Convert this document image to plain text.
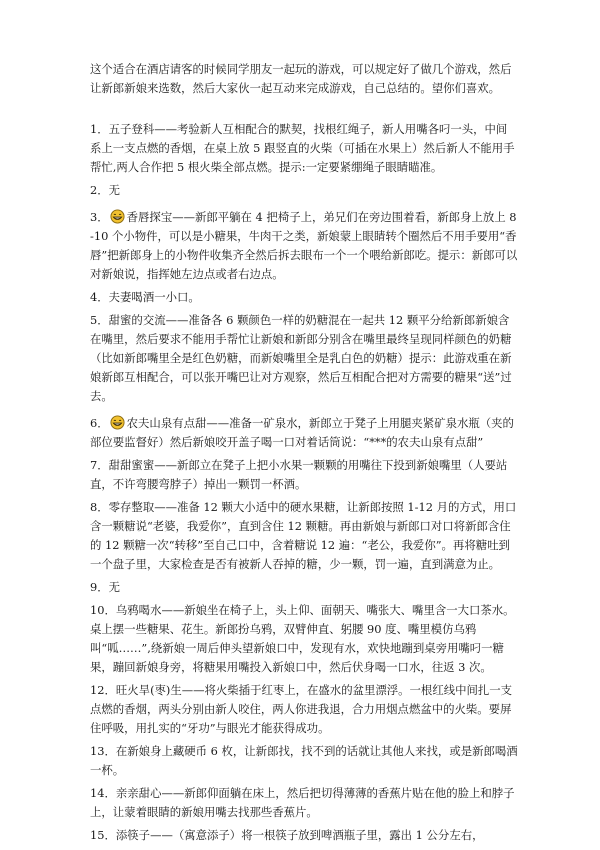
这个适合在酒店请客的时候同学朋友一起玩的游戏，可以规定好了做几个游戏，然后让新郎新娘来选数，然后大家伙一起互动来完成游戏，自己总结的。望你们喜欢。

1．五子登科——考验新人互相配合的默契，找根红绳子，新人用嘴各叼一头，中间系上一支点燃的香烟，在桌上放 5 跟竖直的火柴（可插在水果上）然后新人不能用手帮忙,两人合作把 5 根火柴全部点燃。提示:一定要紧绷绳子眼睛瞄准。

2．无

3． 香唇探宝——新郎平躺在 4 把椅子上，弟兄们在旁边围着看，新郎身上放上 8-10 个小物件，可以是小糖果，牛肉干之类，新娘蒙上眼睛转个圈然后不用手要用“香唇”把新郎身上的小物件收集齐全然后拆去眼布一个一个喂给新郎吃。提示：新郎可以对新娘说，指挥她左边点或者右边点。

4．夫妻喝酒一小口。

5．甜蜜的交流——准备各 6 颗颜色一样的奶糖混在一起共 12 颗平分给新郎新娘含在嘴里，然后要求不能用手帮忙让新娘和新郎分别含在嘴里最终呈现同样颜色的奶糖（比如新郎嘴里全是红色奶糖，而新娘嘴里全是乳白色的奶糖）提示：此游戏重在新娘新郎互相配合，可以张开嘴巴让对方观察，然后互相配合把对方需要的糖果“送”过去。

6． 农夫山泉有点甜——准备一矿泉水，新郎立于凳子上用腿夹紧矿泉水瓶（夹的部位要监督好）然后新娘咬开盖子喝一口对着话筒说：“***的农夫山泉有点甜”

7．甜甜蜜蜜——新郎立在凳子上把小水果一颗颗的用嘴往下投到新娘嘴里（人要站直，不许弯腰弯脖子）掉出一颗罚一杯酒。

8．零存整取——准备 12 颗大小适中的硬水果糖，让新郎按照 1-12 月的方式，用口含一颗糖说“老婆，我爱你”，直到含住 12 颗糖。再由新娘与新郎口对口将新郎含住的 12 颗糖一次“转移”至自己口中，含着糖说 12 遍：“老公，我爱你”。再将糖吐到一个盘子里，大家检查是否有被新人吞掉的糖，少一颗，罚一遍，直到满意为止。

9．无

10．乌鸦喝水——新娘坐在椅子上，头上仰、面朝天、嘴张大、嘴里含一大口茶水。桌上摆一些糖果、花生。新郎扮乌鸦，双臂伸直、躬腰 90 度、嘴里模仿乌鸦叫“呱……”,绕新娘一周后伸头望新娘口中，发现有水，欢快地蹦到桌旁用嘴叼一糖果，蹦回新娘身旁，将糖果用嘴投入新娘口中，然后伏身喝一口水，往返 3 次。

12．旺火旱(枣)生——将火柴插于红枣上，在盛水的盆里漂浮。一根红线中间扎一支点燃的香烟，两头分别由新人咬住，两人你进我退，合力用烟点燃盆中的火柴。要屏住呼吸，用扎实的“牙功”与眼光才能获得成功。

13．在新娘身上藏硬币 6 枚，让新郎找，找不到的话就让其他人来找，或是新郎喝酒一杯。

14．亲亲甜心——新郎仰面躺在床上，然后把切得薄薄的香蕉片贴在他的脸上和脖子上，让蒙着眼睛的新娘用嘴去找那些香蕉片。

15．添筷子——（寓意添子）将一根筷子放到啤酒瓶子里，露出 1 公分左右，
